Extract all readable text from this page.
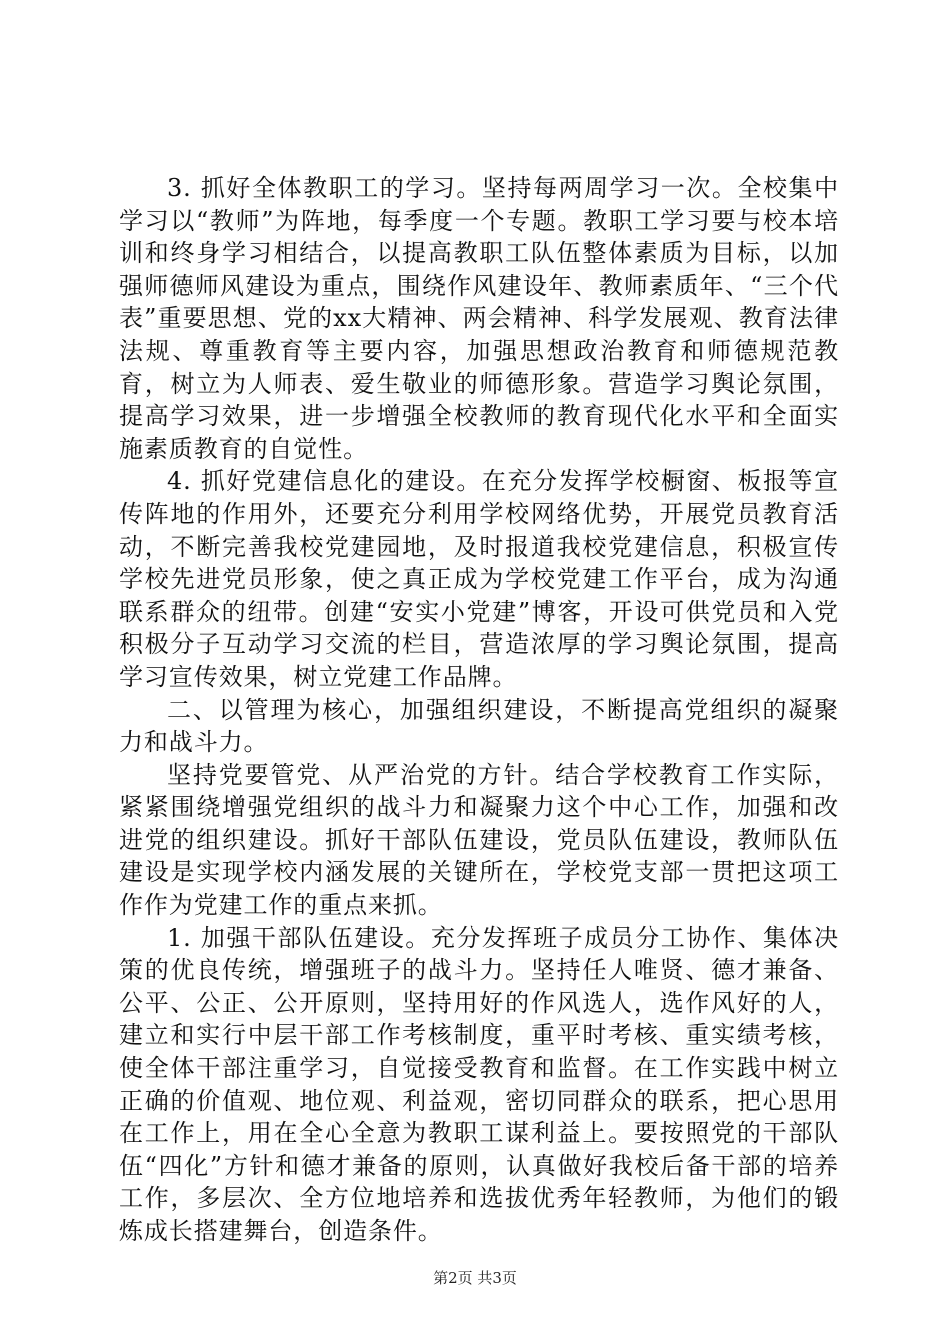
3. 抓好全体教职工的学习。坚持每两周学习一次。全校集中学习以“教师”为阵地，每季度一个专题。教职工学习要与校本培训和终身学习相结合，以提高教职工队伍整体素质为目标，以加强师德师风建设为重点，围绕作风建设年、教师素质年、“三个代表”重要思想、党的xx大精神、两会精神、科学发展观、教育法律法规、尊重教育等主要内容，加强思想政治教育和师德规范教育，树立为人师表、爱生敬业的师德形象。营造学习舆论氛围，提高学习效果，进一步增强全校教师的教育现代化水平和全面实施素质教育的自觉性。

4. 抓好党建信息化的建设。在充分发挥学校橱窗、板报等宣传阵地的作用外，还要充分利用学校网络优势，开展党员教育活动，不断完善我校党建园地，及时报道我校党建信息，积极宣传学校先进党员形象，使之真正成为学校党建工作平台，成为沟通联系群众的纽带。创建“安实小党建”博客，开设可供党员和入党积极分子互动学习交流的栏目，营造浓厚的学习舆论氛围，提高学习宣传效果，树立党建工作品牌。

二、以管理为核心，加强组织建设，不断提高党组织的凝聚力和战斗力。

坚持党要管党、从严治党的方针。结合学校教育工作实际，紧紧围绕增强党组织的战斗力和凝聚力这个中心工作，加强和改进党的组织建设。抓好干部队伍建设，党员队伍建设，教师队伍建设是实现学校内涵发展的关键所在，学校党支部一贯把这项工作作为党建工作的重点来抓。

1. 加强干部队伍建设。充分发挥班子成员分工协作、集体决策的优良传统，增强班子的战斗力。坚持任人唯贤、德才兼备、公平、公正、公开原则，坚持用好的作风选人，选作风好的人，建立和实行中层干部工作考核制度，重平时考核、重实绩考核，使全体干部注重学习，自觉接受教育和监督。在工作实践中树立正确的价值观、地位观、利益观，密切同群众的联系，把心思用在工作上，用在全心全意为教职工谋利益上。要按照党的干部队伍“四化”方针和德才兼备的原则，认真做好我校后备干部的培养工作，多层次、全方位地培养和选拔优秀年轻教师，为他们的锻炼成长搭建舞台，创造条件。

第2页 共3页
